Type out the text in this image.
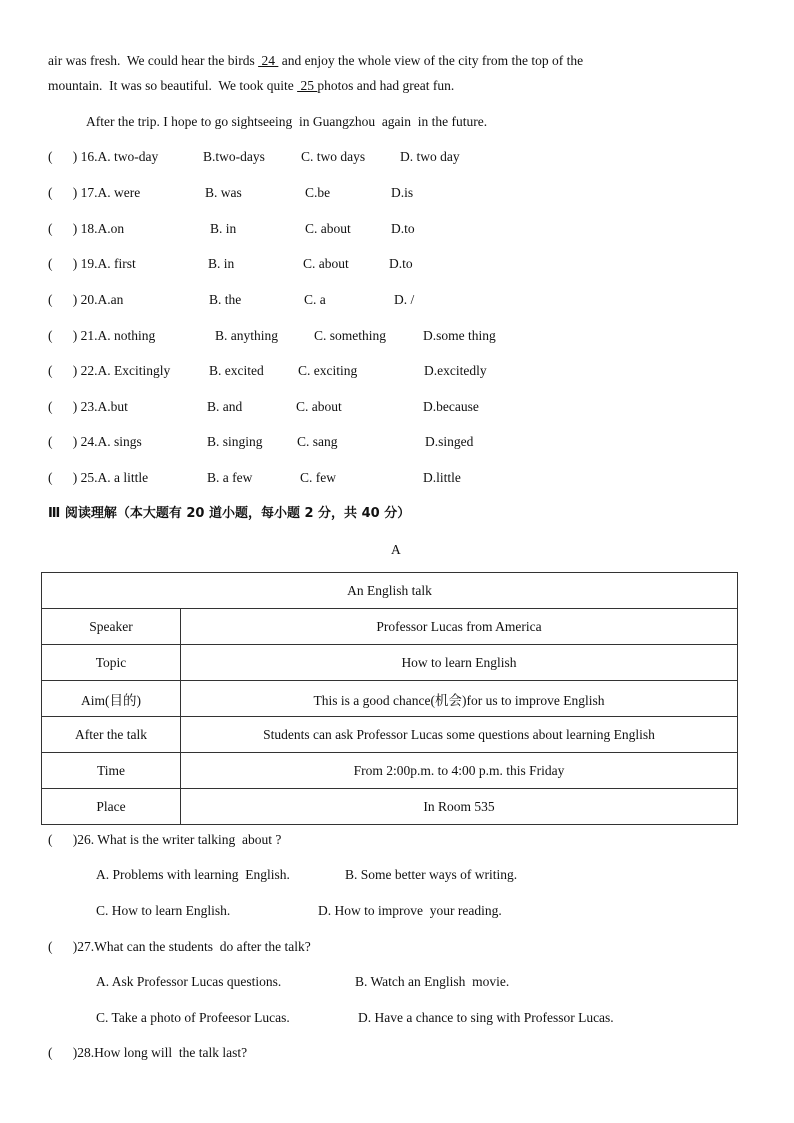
air was fresh.  We could hear the birds  24  and enjoy the whole view of the city from the top of the
mountain.  It was so beautiful.  We took quite  25 photos and had great fun.
After the trip. I hope to go sightseeing  in Guangzhou  again  in the future.
(      ) 16.A. two-day	B.two-days	C. two days	D. two day
(      ) 17.A. were	B. was	C.be	D.is
(      ) 18.A.on	B. in	C. about	D.to
(      ) 19.A. first	B. in	C. about	D.to
(      ) 20.A.an	B. the	C. a	D. /
(      ) 21.A. nothing	B. anything	C. something	D.some thing
(      ) 22.A. Excitingly	B. excited	C. exciting	D.excitedly
(      ) 23.A.but	B. and	C. about	D.because
(      ) 24.A. sings	B. singing	C. sang	D.singed
(      ) 25.A. a little	B. a few	C. few	D.little
Ⅲ 阅读理解（本大题有 20 道小题，每小题 2 分，共 40 分）
A
An English talk	
Speaker	Professor Lucas from America
Topic	How to learn English
Aim(目的)	This is a good chance(机会)for us to improve English
After the talk	Students can ask Professor Lucas some questions about learning English
Time	From 2:00p.m. to 4:00 p.m. this Friday
Place	In Room 535
(      )26. What is the writer talking  about ?
A. Problems with learning  English.	B. Some better ways of writing.
C. How to learn English.	D. How to improve  your reading.
(      )27.What can the students  do after the talk?
A. Ask Professor Lucas questions.	B. Watch an English  movie.
C. Take a photo of Profeesor Lucas.	D. Have a chance to sing with Professor Lucas.
(      )28.How long will  the talk last?
